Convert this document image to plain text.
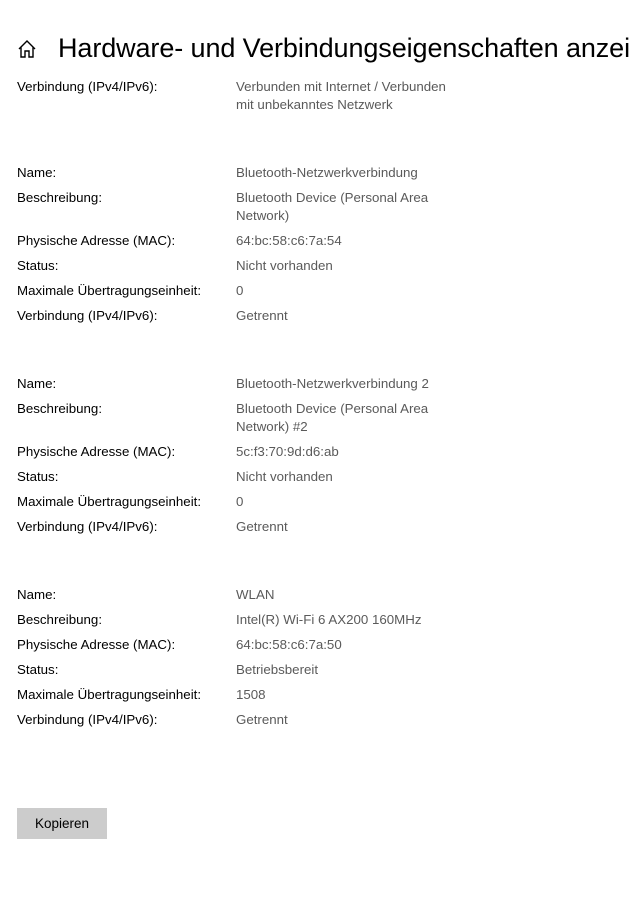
Hardware- und Verbindungseigenschaften anzei
Verbindung (IPv4/IPv6):	Verbunden mit Internet / Verbunden mit unbekanntes Netzwerk
Name:	Bluetooth-Netzwerkverbindung
Beschreibung:	Bluetooth Device (Personal Area Network)
Physische Adresse (MAC):	64:bc:58:c6:7a:54
Status:	Nicht vorhanden
Maximale Übertragungseinheit:	0
Verbindung (IPv4/IPv6):	Getrennt
Name:	Bluetooth-Netzwerkverbindung 2
Beschreibung:	Bluetooth Device (Personal Area Network) #2
Physische Adresse (MAC):	5c:f3:70:9d:d6:ab
Status:	Nicht vorhanden
Maximale Übertragungseinheit:	0
Verbindung (IPv4/IPv6):	Getrennt
Name:	WLAN
Beschreibung:	Intel(R) Wi-Fi 6 AX200 160MHz
Physische Adresse (MAC):	64:bc:58:c6:7a:50
Status:	Betriebsbereit
Maximale Übertragungseinheit:	1508
Verbindung (IPv4/IPv6):	Getrennt
Kopieren
